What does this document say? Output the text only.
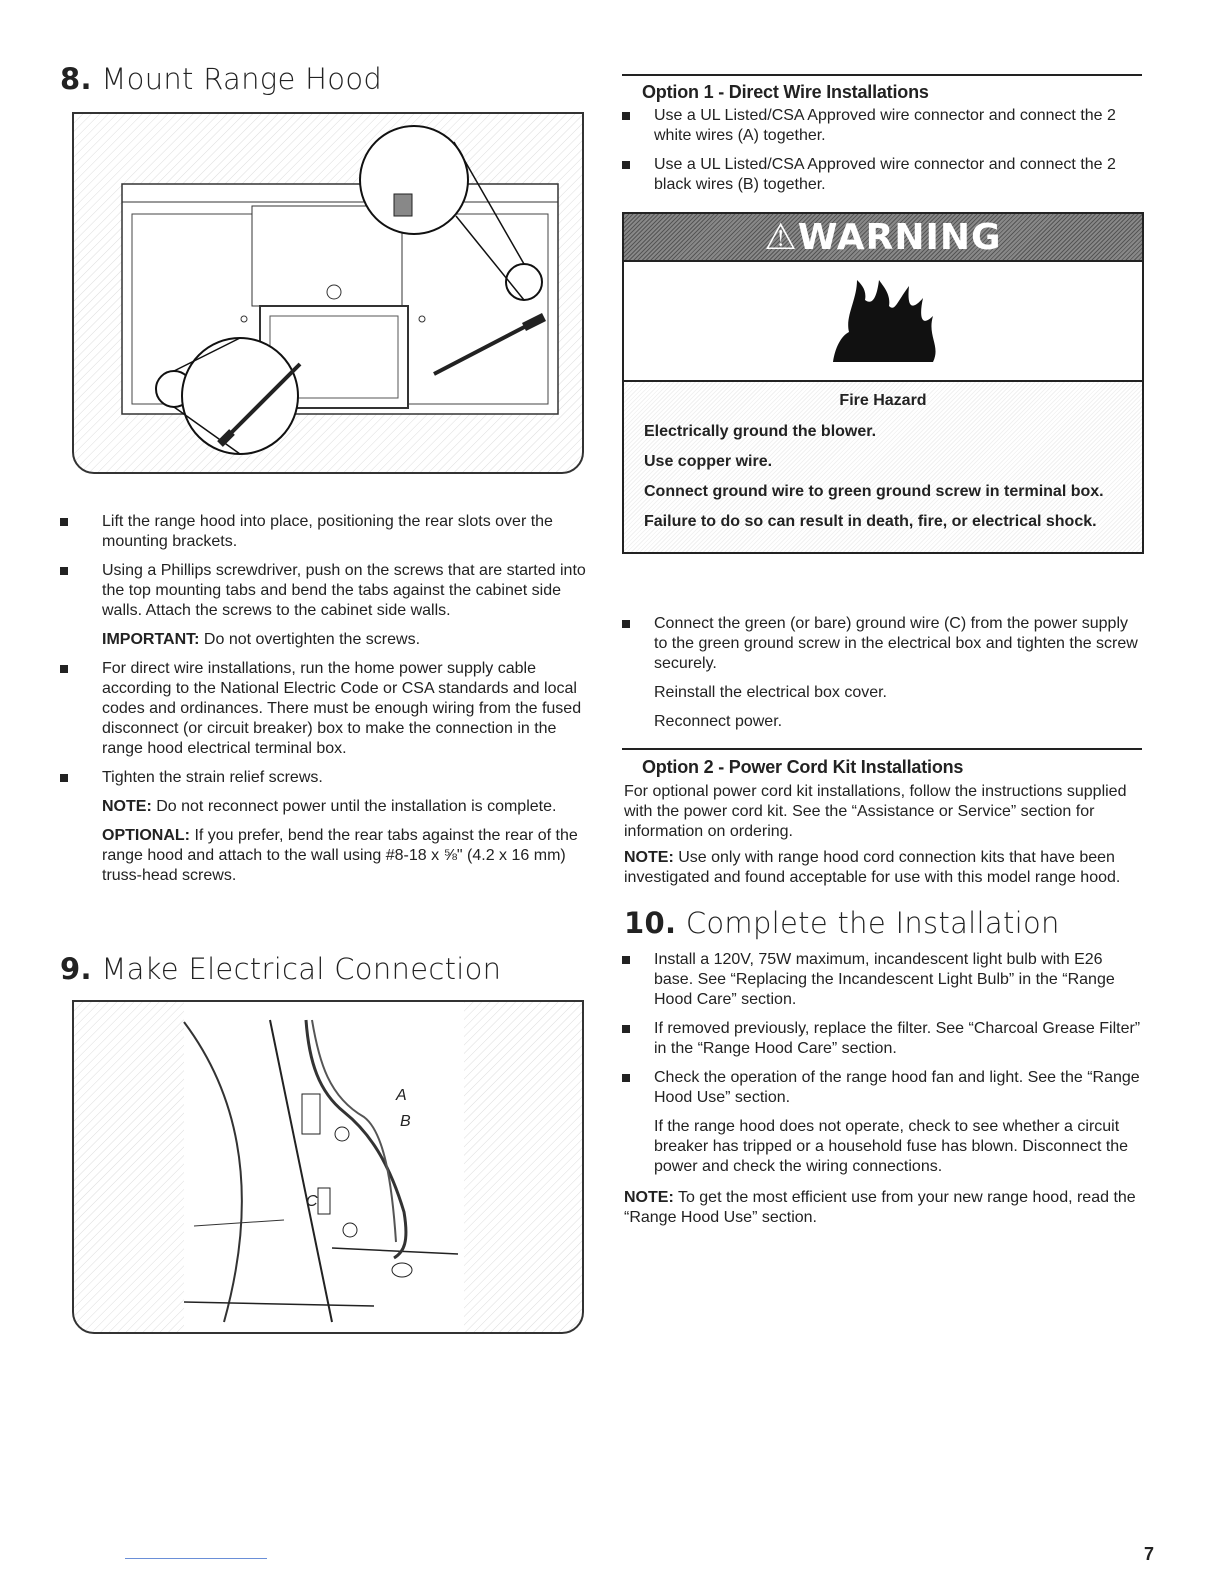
8. Mount Range Hood
Lift the range hood into place, positioning the rear slots over the mounting brackets.
Using a Phillips screwdriver, push on the screws that are started into the top mounting tabs and bend the tabs against the cabinet side walls. Attach the screws to the cabinet side walls.
IMPORTANT: Do not overtighten the screws.
For direct wire installations, run the home power supply cable according to the National Electric Code or CSA standards and local codes and ordinances. There must be enough wiring from the fused disconnect (or circuit breaker) box to make the connection in the range hood electrical terminal box.
Tighten the strain relief screws.
NOTE: Do not reconnect power until the installation is complete.
OPTIONAL: If you prefer, bend the rear tabs against the rear of the range hood and attach to the wall using #8-18 x ⅝" (4.2 x 16 mm) truss-head screws.
9. Make Electrical Connection
A
B
C
Option 1 - Direct Wire Installations
Use a UL Listed/CSA Approved wire connector and connect the 2 white wires (A) together.
Use a UL Listed/CSA Approved wire connector and connect the 2 black wires (B) together.
⚠WARNING
Fire Hazard

Electrically ground the blower.

Use copper wire.

Connect ground wire to green ground screw in terminal box.

Failure to do so can result in death, fire, or electrical shock.

Connect the green (or bare) ground wire (C) from the power supply to the green ground screw in the electrical box and tighten the screw securely.
Reinstall the electrical box cover.
Reconnect power.
Option 2 - Power Cord Kit Installations
For optional power cord kit installations, follow the instructions supplied with the power cord kit. See the “Assistance or Service” section for information on ordering.
NOTE: Use only with range hood cord connection kits that have been investigated and found acceptable for use with this model range hood.
10. Complete the Installation
Install a 120V, 75W maximum, incandescent light bulb with E26 base. See “Replacing the Incandescent Light Bulb” in the “Range Hood Care” section.
If removed previously, replace the filter. See “Charcoal Grease Filter” in the “Range Hood Care” section.
Check the operation of the range hood fan and light. See the “Range Hood Use” section.
If the range hood does not operate, check to see whether a circuit breaker has tripped or a household fuse has blown. Disconnect the power and check the wiring connections.
NOTE: To get the most efficient use from your new range hood, read the “Range Hood Use” section.
7
